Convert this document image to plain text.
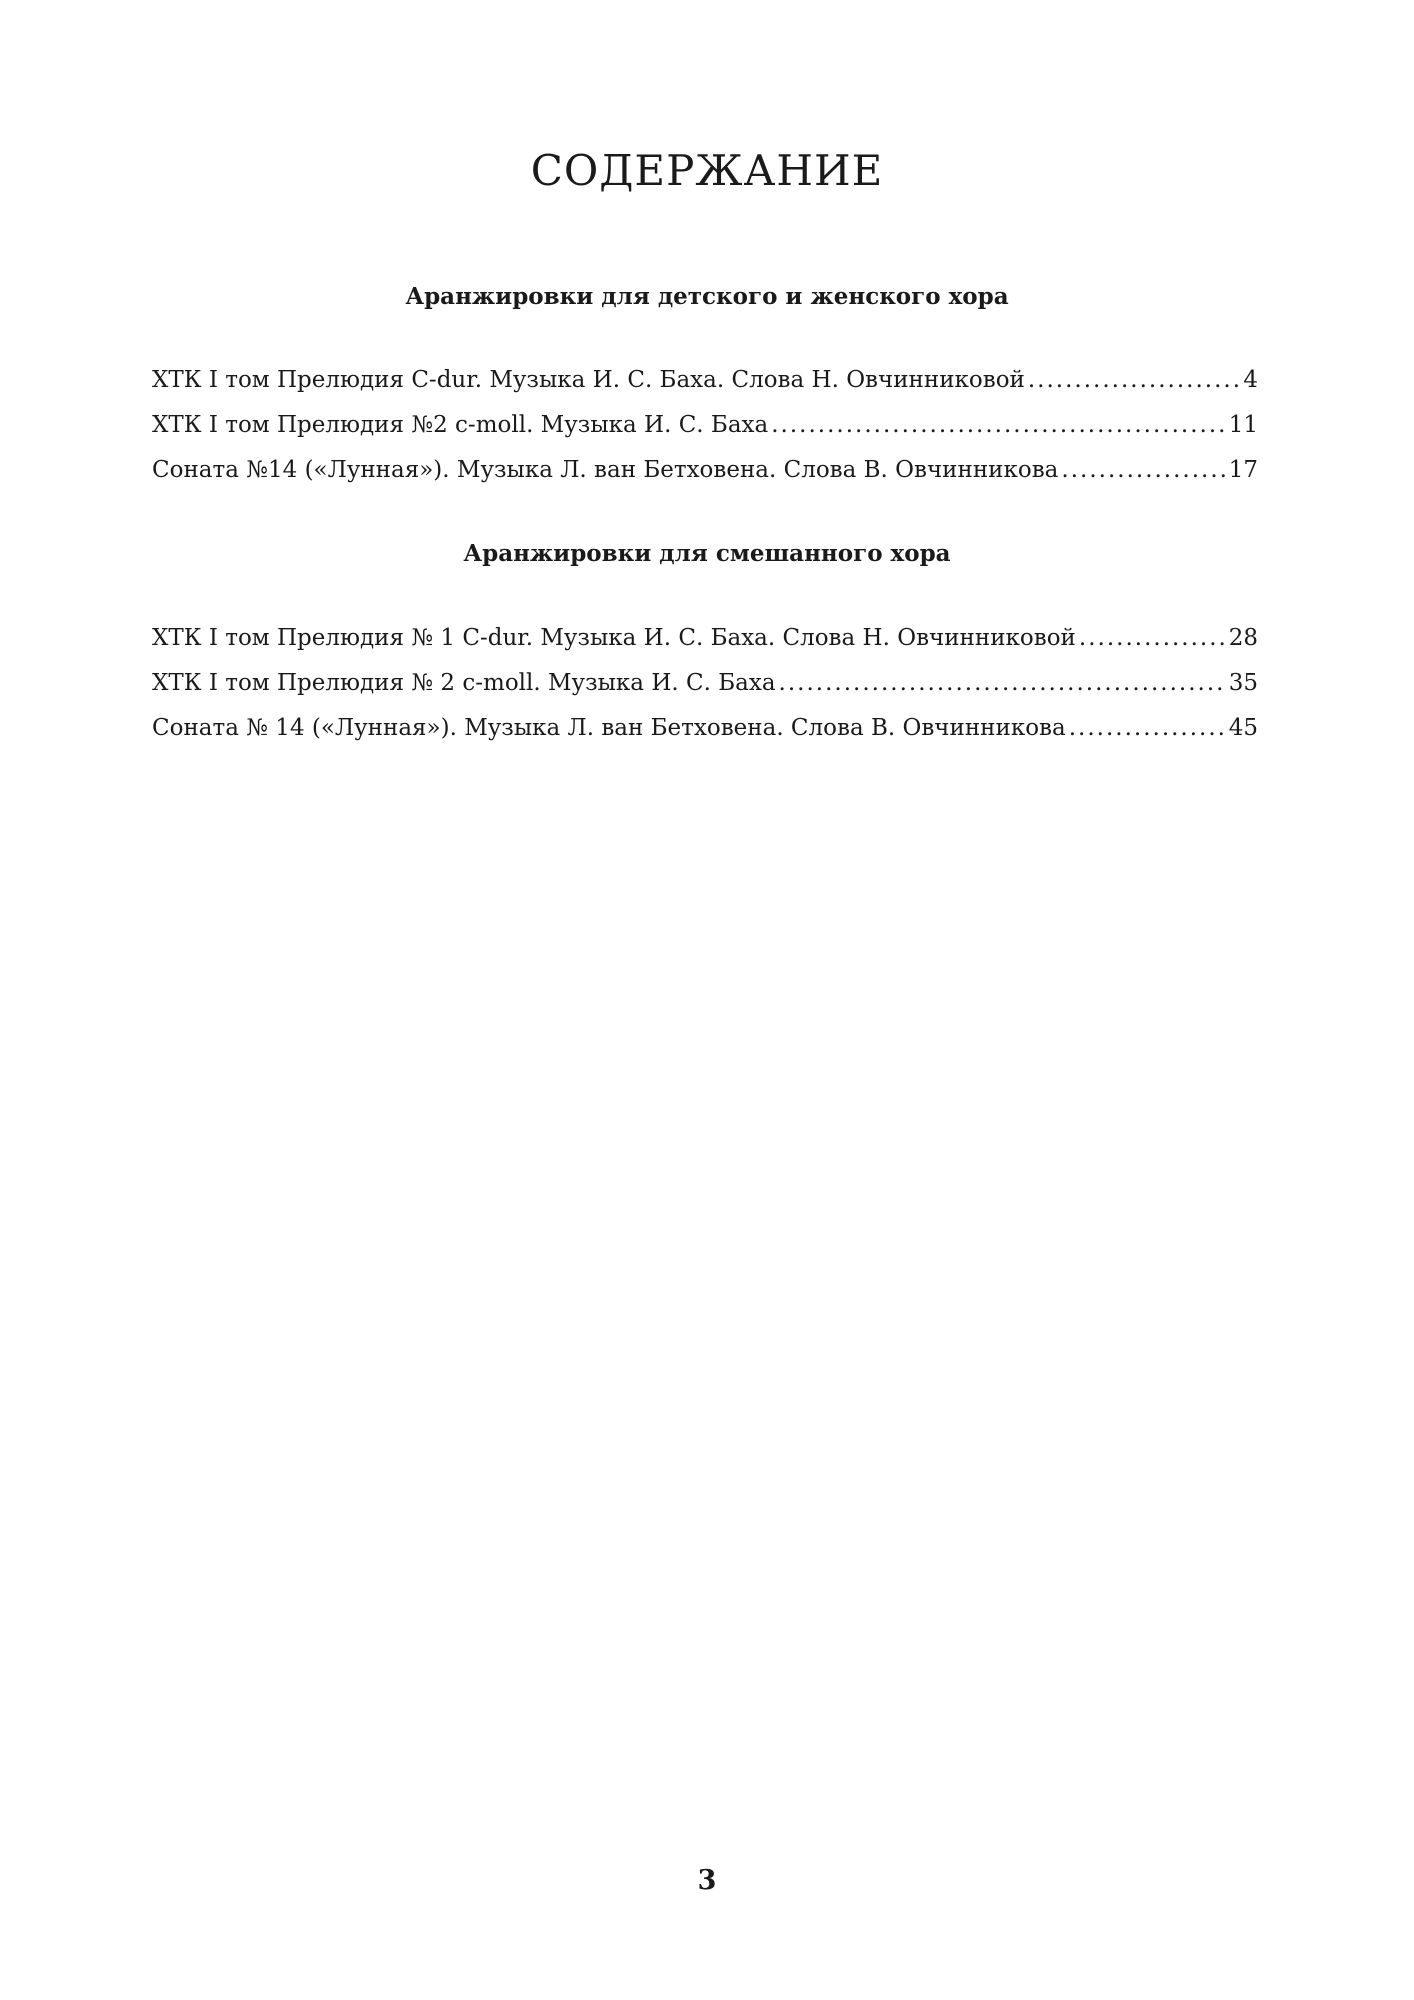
СОДЕРЖАНИЕ
Аранжировки для детского и женского хора
ХТК I том Прелюдия C-dur. Музыка И. С. Баха. Слова Н. Овчинниковой .....	4
ХТК I том Прелюдия №2 c-moll. Музыка И. С. Баха .....	11
Соната №14 («Лунная»). Музыка Л. ван Бетховена. Слова В. Овчинникова .....	17
Аранжировки для смешанного хора
ХТК I том Прелюдия № 1 C-dur. Музыка И. С. Баха. Слова Н. Овчинниковой .....	28
ХТК I том Прелюдия № 2 c-moll. Музыка И. С. Баха .....	35
Соната № 14 («Лунная»). Музыка Л. ван Бетховена. Слова В. Овчинникова .....	45
3
